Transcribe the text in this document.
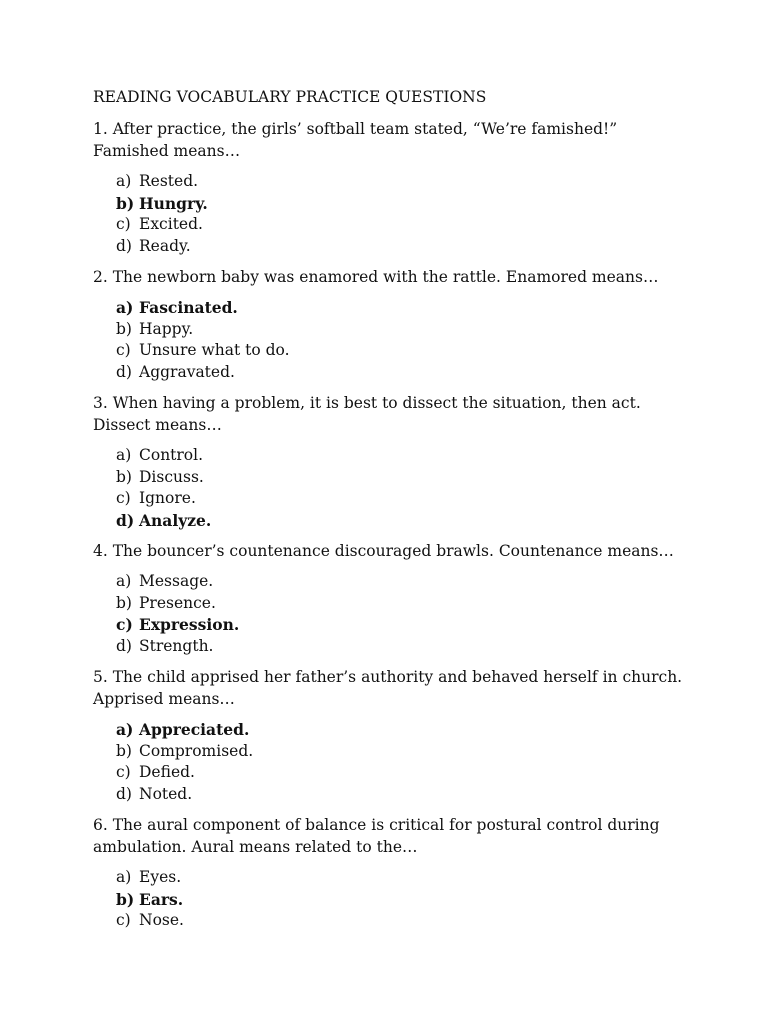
READING VOCABULARY PRACTICE QUESTIONS

1. After practice, the girls’ softball team stated, “We’re famished!” Famished means…

a) Rested.
b) Hungry.
c) Excited.
d) Ready.

2. The newborn baby was enamored with the rattle. Enamored means…

a) Fascinated.
b) Happy.
c) Unsure what to do.
d) Aggravated.

3. When having a problem, it is best to dissect the situation, then act. Dissect means…

a) Control.
b) Discuss.
c) Ignore.
d) Analyze.

4. The bouncer’s countenance discouraged brawls. Countenance means…

a) Message.
b) Presence.
c) Expression.
d) Strength.

5. The child apprised her father’s authority and behaved herself in church. Apprised means…

a) Appreciated.
b) Compromised.
c) Defied.
d) Noted.

6. The aural component of balance is critical for postural control during ambulation. Aural means related to the…

a) Eyes.
b) Ears.
c) Nose.
